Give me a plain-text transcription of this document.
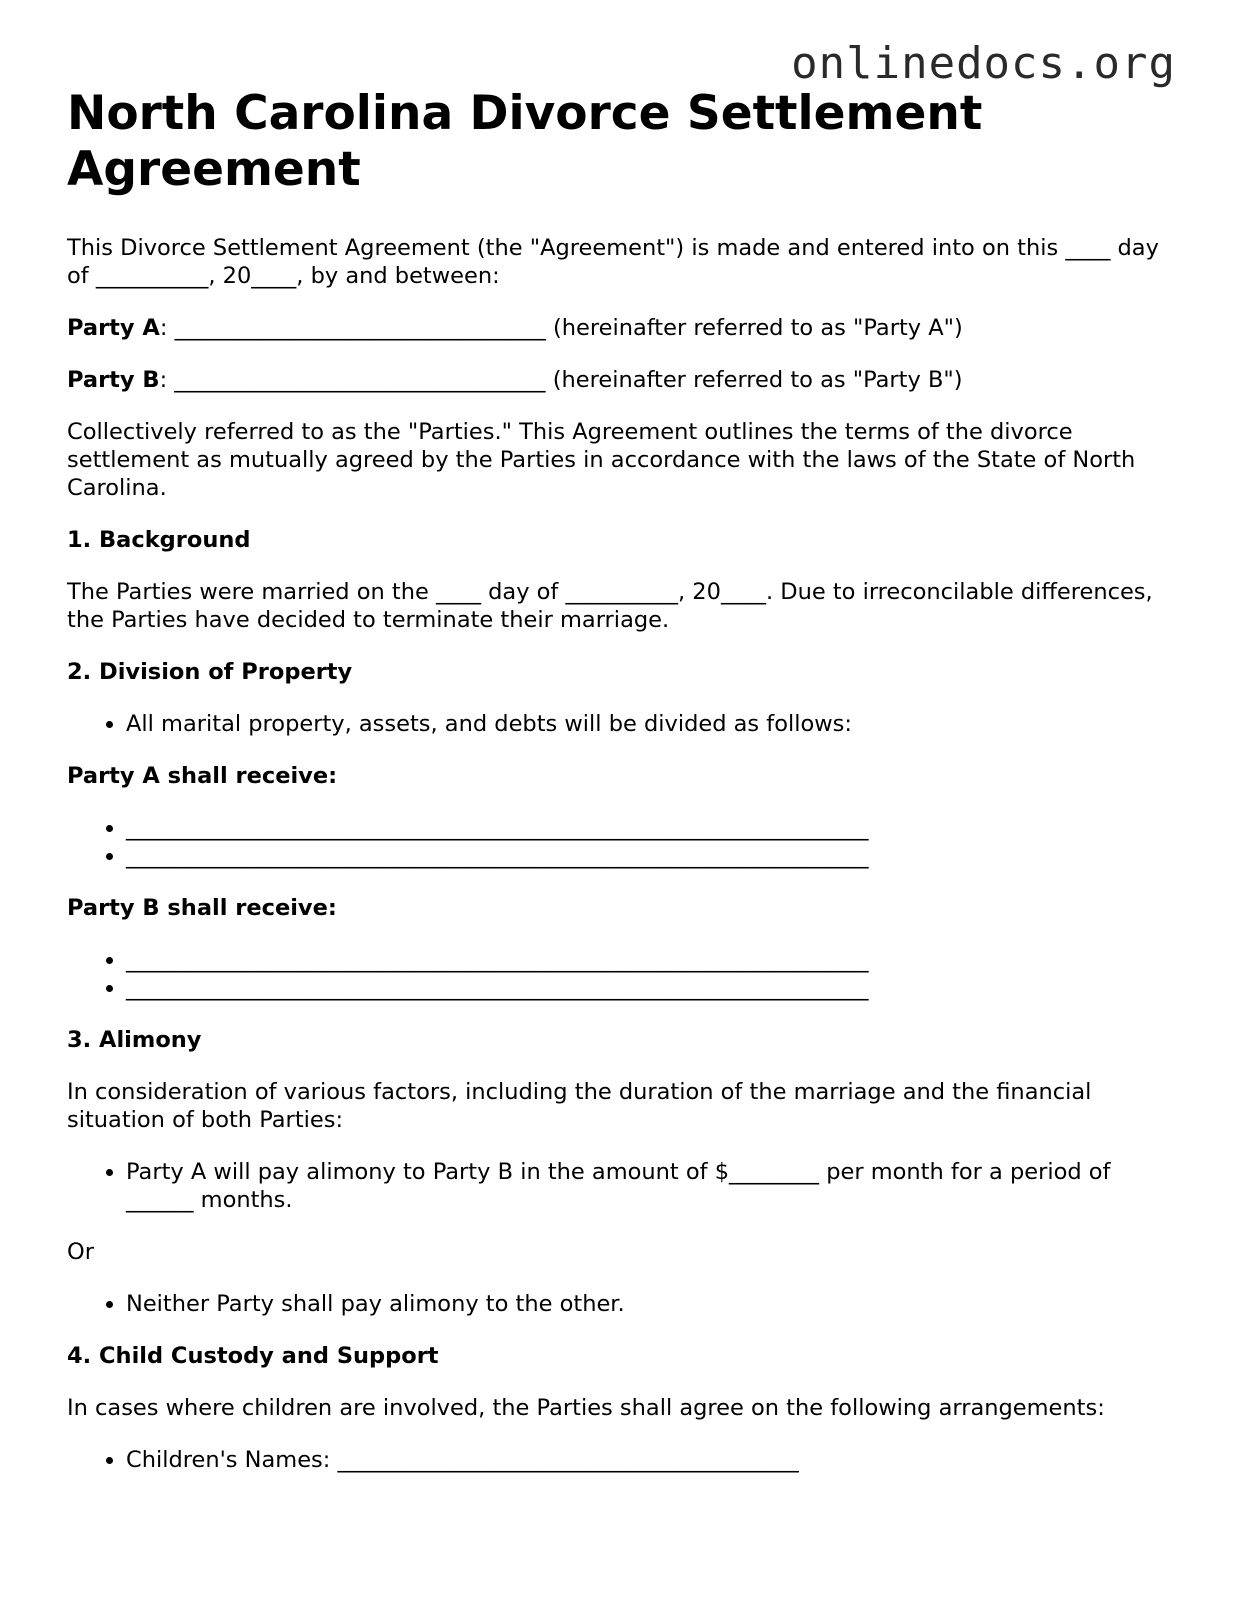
onlinedocs.org
North Carolina Divorce Settlement Agreement

This Divorce Settlement Agreement (the "Agreement") is made and entered into on this ____ day of __________, 20____, by and between:

Party A: _________________________________ (hereinafter referred to as "Party A")

Party B: _________________________________ (hereinafter referred to as "Party B")

Collectively referred to as the "Parties." This Agreement outlines the terms of the divorce settlement as mutually agreed by the Parties in accordance with the laws of the State of North Carolina.

1. Background

The Parties were married on the ____ day of __________, 20____. Due to irreconcilable differences, the Parties have decided to terminate their marriage.

2. Division of Property
• All marital property, assets, and debts will be divided as follows:
Party A shall receive:
• __________________________________________________________________
• __________________________________________________________________
Party B shall receive:
• __________________________________________________________________
• __________________________________________________________________
3. Alimony

In consideration of various factors, including the duration of the marriage and the financial situation of both Parties:

• Party A will pay alimony to Party B in the amount of $________ per month for a period of ______ months.

Or

• Neither Party shall pay alimony to the other.
4. Child Custody and Support

In cases where children are involved, the Parties shall agree on the following arrangements:

• Children's Names: _________________________________________
